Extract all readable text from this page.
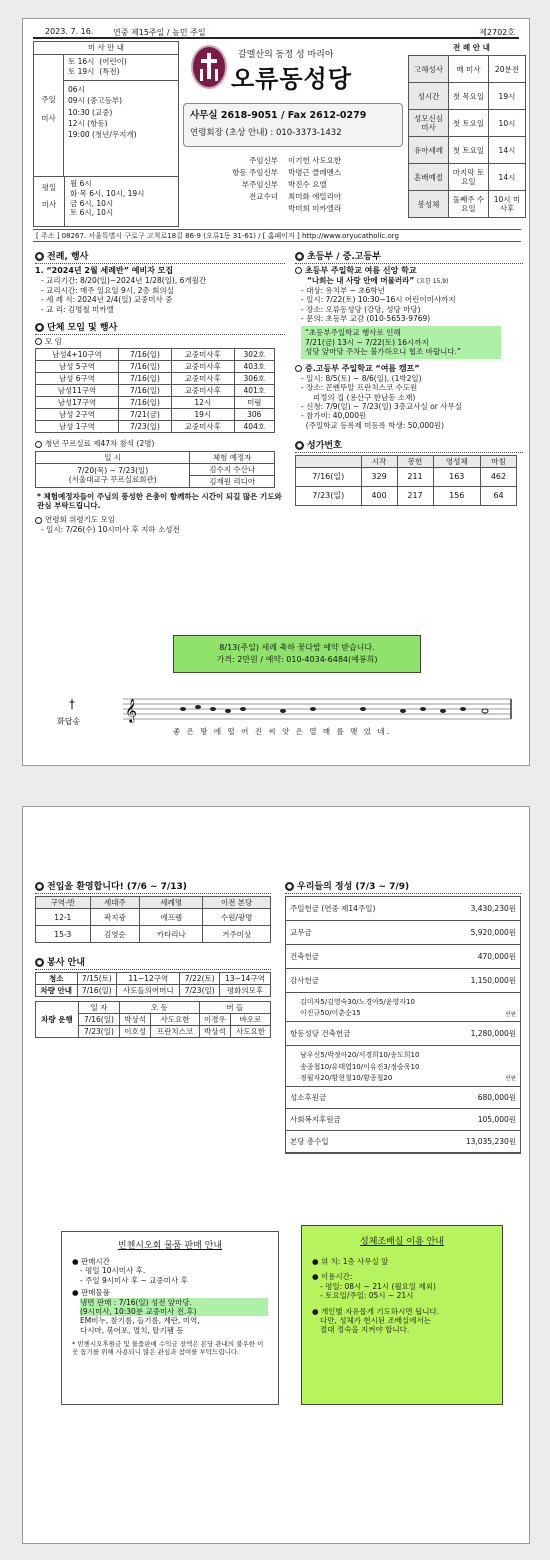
2023. 7. 16. 연중 제15주일 / 농민 주일	제2702호
미 사 안 내
주일

미사
토 16시 (어린이)
토 19시 (특전)
06시
09시 (중고등부)
10:30 (교중)
12시 (항동)
19:00 (청년/무지개)
평일
미사
월 6시
화·목 6시, 10시, 19시
금 6시, 10시
토 6시, 10시
갈멜산의 동정 성 마리아
오류동성당
사무실 2618-9051 / Fax 2612-0279
연령회장 (초상 안내) : 010-3373-1432
주임신부 이기헌 사도요한
항동 주임신부 박명근 클레멘스
부주임신부 박진수 요엘
전교수녀 최미화 에밀리아
박미희 미카엘라
전 례 안 내
고해성사	매 미사	20분전
성시간	첫 목요일	19시
성모신심 미사	첫 토요일	10시
유아세례	첫 토요일	14시
혼배예절	마지막 토요일	14시
봉성체	둘째주 수요일	10시 미사후
[ 주소 ] 08267. 서울특별시 구로구 고척로18길 86-9 (오류1동 31-61) / [ 홈페이지 ] http://www.oryucatholic.org
● 전례, 행사
1. “2024년 2월 세례반” 예비자 모집
- 교리기간: 8/20(일)~2024년 1/28(일), 6개월간
- 교리시간: 매주 일요일 9시, 2층 회의실
- 세 례 식: 2024년 2/4(일) 교중미사 중
- 교 리: 김명철 미카엘
● 단체 모임 및 행사
모 임
남성4+10구역	7/16(일)	교중미사후	302호
남성 5구역	7/16(일)	교중미사후	403호
남성 6구역	7/16(일)	교중미사후	306호
남성11구역	7/16(일)	교중미사후	401호
남성17구역	7/16(일)	12시	미림
남성 2구역	7/21(금)	19시	306
남성 1구역	7/23(일)	교중미사후	404호
청년 꾸르실료 제47차 참석 (2명)
일 시	체험 예정자
7/20(목) ~ 7/23(일)
(서울대교구 꾸르실료회관)	김수지 수산나
	김재원 리디아
* 체험예정자들이 주님의 풍성한 은총이 함께하는 시간이 되길 많은 기도와 관심 부탁드립니다.
연령회 위령기도 모임
- 일시: 7/26(수) 10시미사 후 지하 소성전
● 초등부 / 중.고등부
초등부 주일학교 여름 신앙 학교
“나희는 내 사랑 안에 머물러라” (요한 15,9)
- 대상: 유치부 ~ 초6학년
- 일시: 7/22(토) 10:30~16시 어린이미사까지
- 장소: 오류동성당 (강당, 성당 마당)
- 문의: 초등부 교감 (010-5653-9769)
“초등부주일학교 행사로 인해
7/21(금) 13시 ~ 7/22(토) 16시까지
성당 앞마당 주차는 불가하오니 협조 바랍니다.”
중.고등부 주일학교 “여름 캠프”
- 일시: 8/5(토) ~ 8/6(일), (1박2일)
- 장소: 꼰벤뚜알 프란치스코 수도원
피정의 집 (용산구 한남동 소재)
- 신청: 7/9(일) ~ 7/23(일) 3층교사실 or 사무실
- 참가비: 40,000원
(주일학교 등록제 미등록 학생: 50,000원)
● 성가번호
	시작	봉헌	영성체	마침
7/16(일)	329	211	163	462
7/23(일)	400	217	156	64
8/13(주일) 세례 축하 꽃다발 예약 받습니다.
가격: 2만원 / 예약: 010-4034-6484(예봉희)
†
화답송 𝄞
좋 은 땅 에 떨 어 진 씨 앗 은 열 매 를 맺 었 네.
● 전입을 환영합니다! (7/6 ~ 7/13)
구역-반	세대주	세례명	이전 본당
12-1	곽지광	에프렘	수원/광명
15-3	김영순	카타리나	거주미상
● 봉사 안내
청소	7/15(토)	11~12구역	7/22(토)	13~14구역
차량 안내	7/16(일)	사도들의어머니	7/23(일)	평화의모후
차량 운행	일 자	오 동		버 들	
	7/16(일)	박상석	사도요한	이경우	바오로
	7/23(일)	이호성	프란치스코	박상석	사도요한
● 우리들의 정성 (7/3 ~ 7/9)
주일헌금 (연중 제14주일)	3,430,230원
교무금	5,920,000원
건축헌금	470,000원
감사헌금	1,150,000원
김미자5/김영숙30/노경아5/윤영자10
이진규50/이춘순15	만원
항동성당 건축헌금	1,280,000원
남우신5/박정아20/서경희10/송도희10
송종철10/유태엽10/이유진3/정승욱10
정월자20/황현철10/황종철20	만원
성소후원금	680,000원
사회복지후원금	105,000원
본당 총수입	13,035,230원
빈첸시오회 물품 판매 안내
● 판매시간
- 평일 10시미사 후.
- 주일 9시미사 후 ~ 교중미사 후
● 판매물품
냉면 판매 : 7/16(일) 성전 앞마당.
(9시미사, 10:30분 교중미사 전.후)
EM비누, 참기름, 들기름, 계란, 미역,
다시마, 볶어포, 멸치, 탈기팸 등
* 빈첸시오후원금 및 물품판매 수익금 전액은 본당 관내의 불우한 이웃 돕기를 위해 사용되니 많은 관심과 참여를 부탁드립니다.
성체조배실 이용 안내
● 위 치: 1층 사무실 앞
● 이용시간:
- 평일: 08시 ~ 21시 (월요일 제외)
- 토요일/주일: 05시 ~ 21시
● 개인별 자유롭게 기도하시면 됩니다.
다만, 성체가 현시된 조배실에서는
절대 정숙을 지켜야 합니다.
